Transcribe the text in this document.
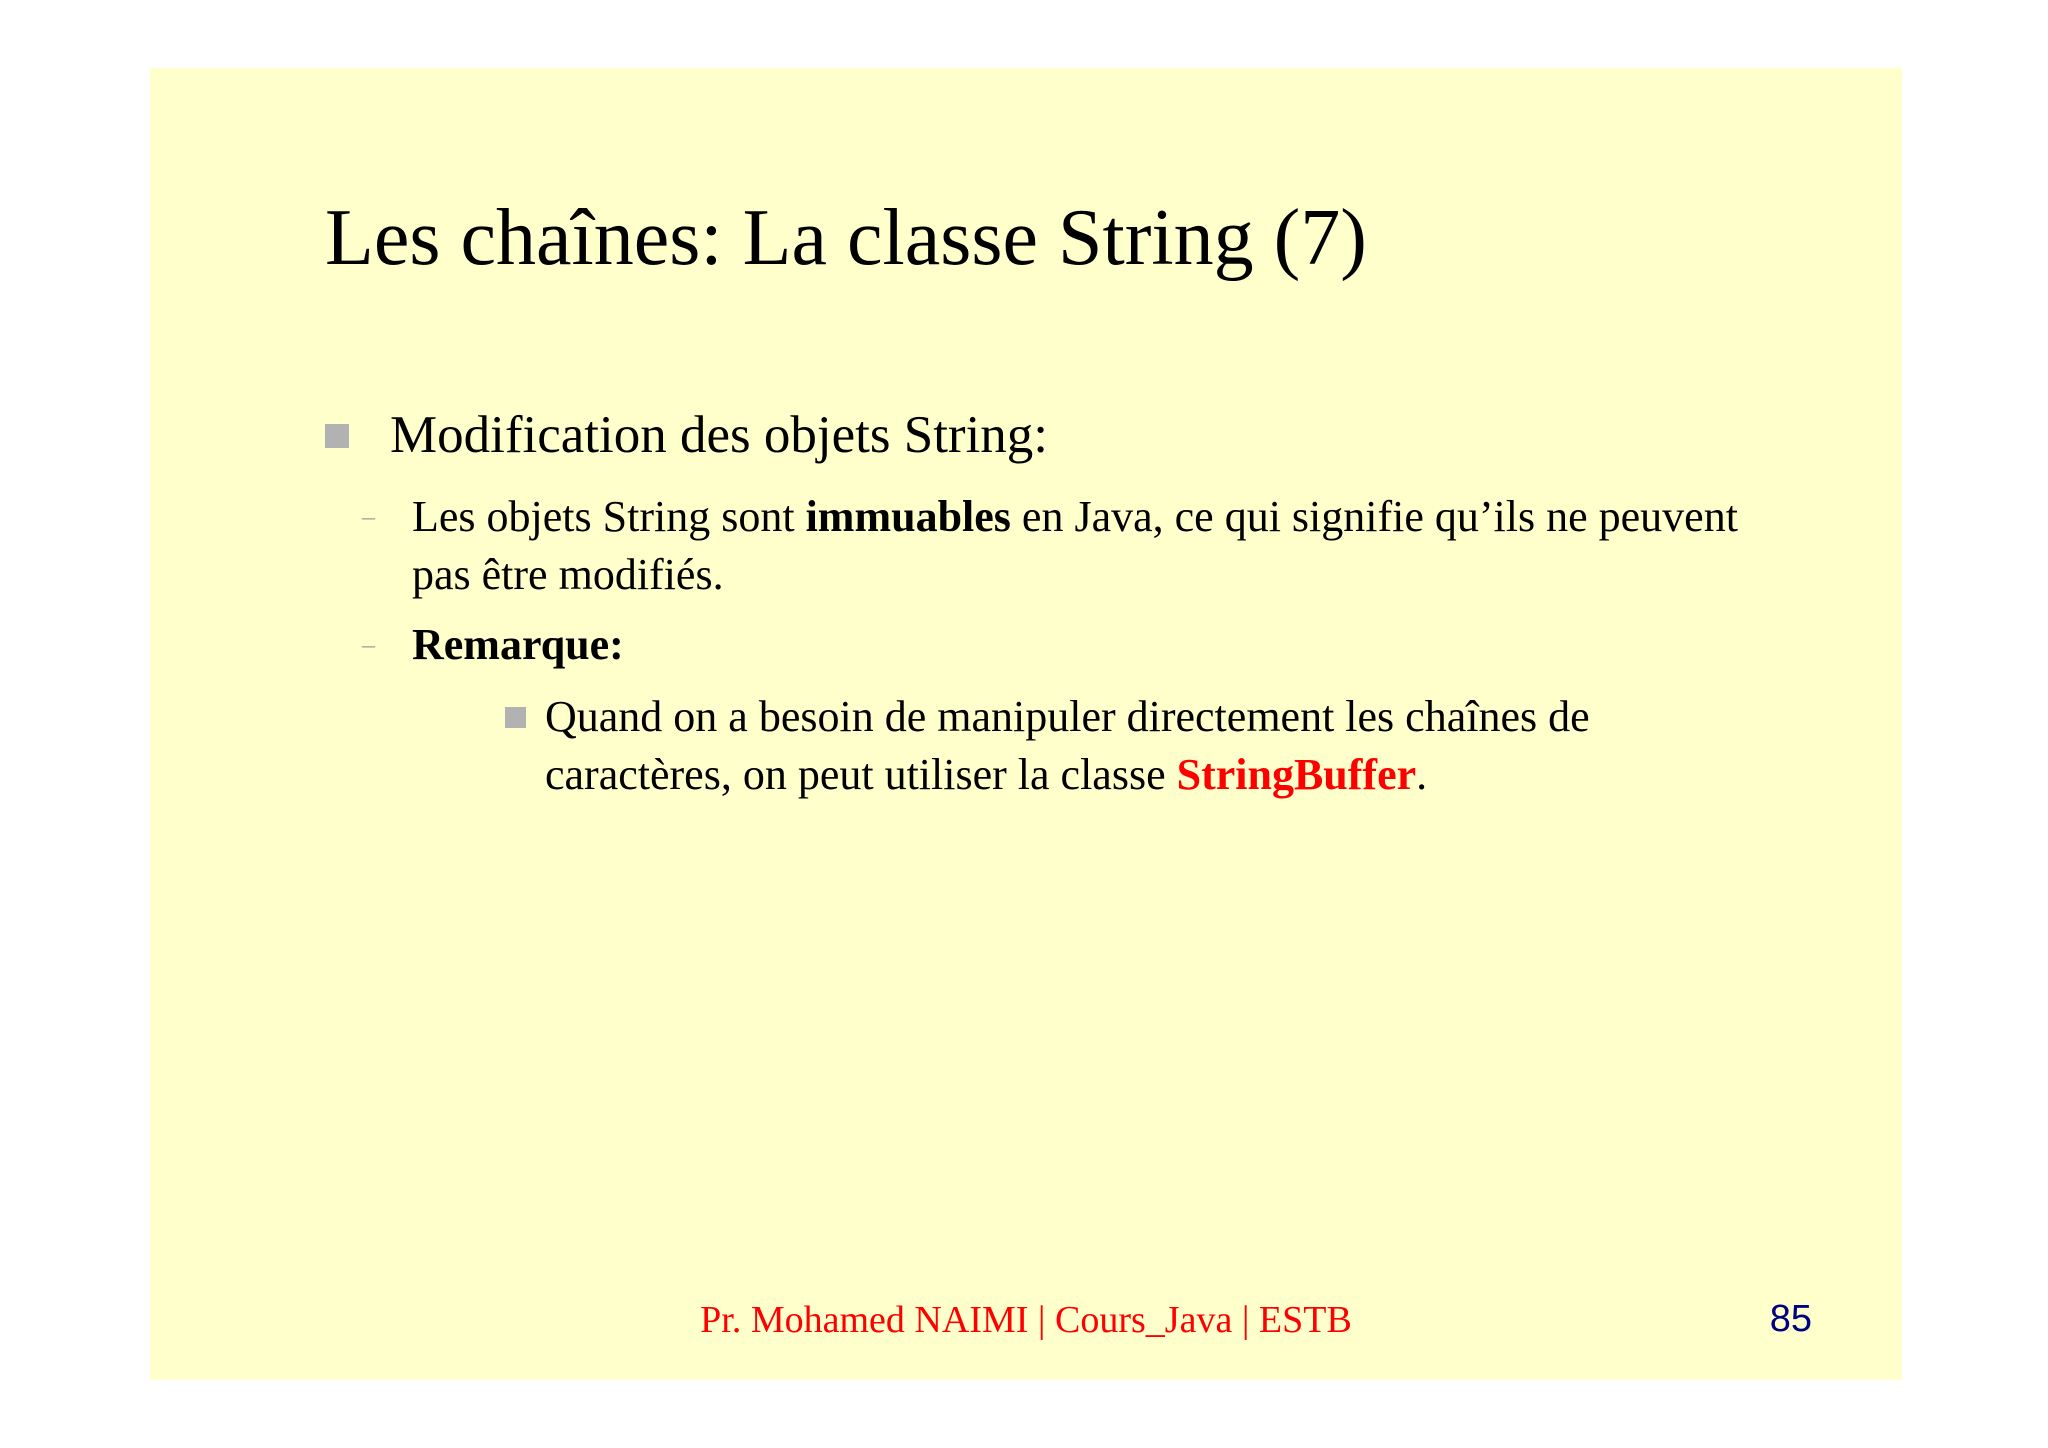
Les chaînes: La classe String (7)
Modification des objets String:
– Les objets String sont immuables en Java, ce qui signifie qu’ils ne peuvent pas être modifiés.
– Remarque:
Quand on a besoin de manipuler directement les chaînes de caractères, on peut utiliser la classe StringBuffer.
Pr. Mohamed NAIMI | Cours_Java | ESTB	85
